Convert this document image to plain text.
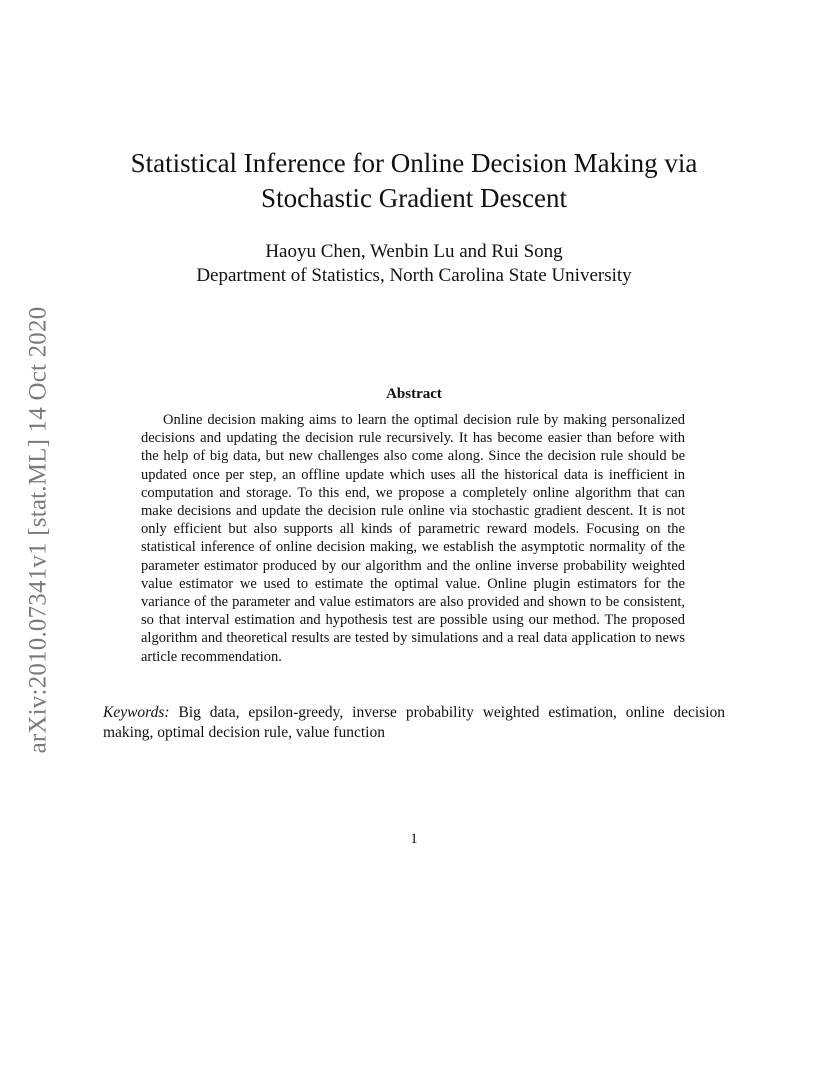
arXiv:2010.07341v1 [stat.ML] 14 Oct 2020
Statistical Inference for Online Decision Making via Stochastic Gradient Descent

Haoyu Chen, Wenbin Lu and Rui Song

Department of Statistics, North Carolina State University

Abstract

Online decision making aims to learn the optimal decision rule by making personalized decisions and updating the decision rule recursively. It has become easier than before with the help of big data, but new challenges also come along. Since the decision rule should be updated once per step, an offline update which uses all the historical data is inefficient in computation and storage. To this end, we propose a completely online algorithm that can make decisions and update the decision rule online via stochastic gradient descent. It is not only efficient but also supports all kinds of parametric reward models. Focusing on the statistical inference of online decision making, we establish the asymptotic normality of the parameter estimator produced by our algorithm and the online inverse probability weighted value estimator we used to estimate the optimal value. Online plugin estimators for the variance of the parameter and value estimators are also provided and shown to be consistent, so that interval estimation and hypothesis test are possible using our method. The proposed algorithm and theoretical results are tested by simulations and a real data application to news article recommendation.

Keywords: Big data, epsilon-greedy, inverse probability weighted estimation, online decision making, optimal decision rule, value function

1
